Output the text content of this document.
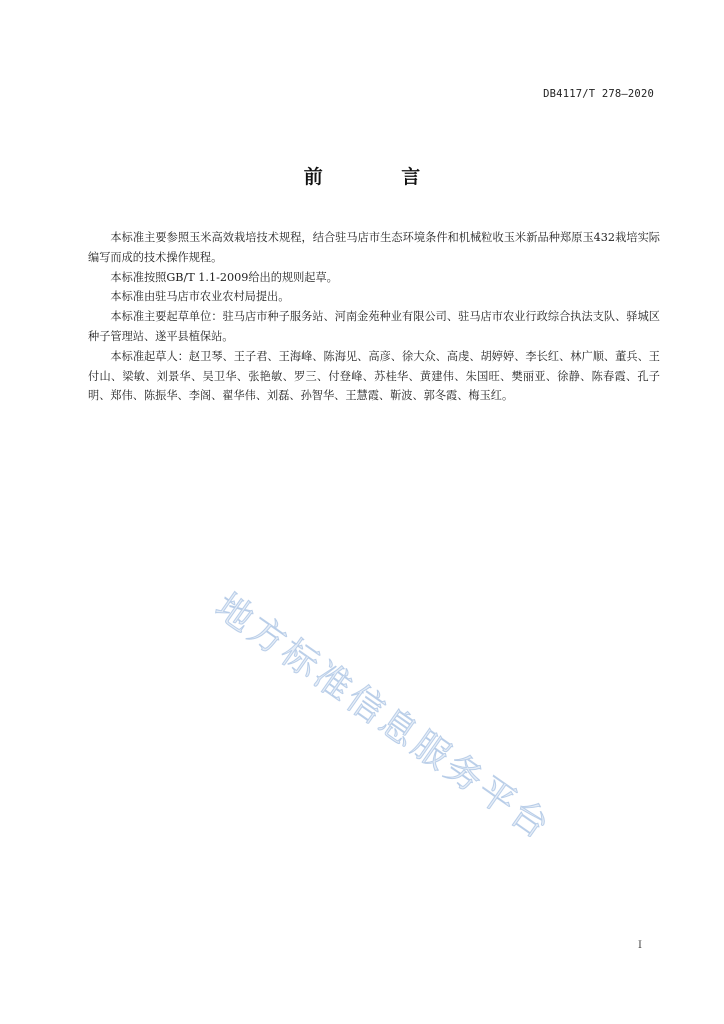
DB4117/T 278—2020
前 言

本标准主要参照玉米高效栽培技术规程，结合驻马店市生态环境条件和机械粒收玉米新品种郑原玉432栽培实际编写而成的技术操作规程。

本标准按照GB/T 1.1-2009给出的规则起草。

本标准由驻马店市农业农村局提出。

本标准主要起草单位：驻马店市种子服务站、河南金苑种业有限公司、驻马店市农业行政综合执法支队、驿城区种子管理站、遂平县植保站。

本标准起草人：赵卫琴、王子君、王海峰、陈海见、高彦、徐大众、高虔、胡婷婷、李长红、林广顺、董兵、王付山、梁敏、刘景华、吴卫华、张艳敏、罗三、付登峰、苏桂华、黄建伟、朱国旺、樊丽亚、徐静、陈春霞、孔子明、郑伟、陈振华、李阁、翟华伟、刘磊、孙智华、王慧霞、靳波、郭冬霞、梅玉红。

地方标准信息服务平台
I
